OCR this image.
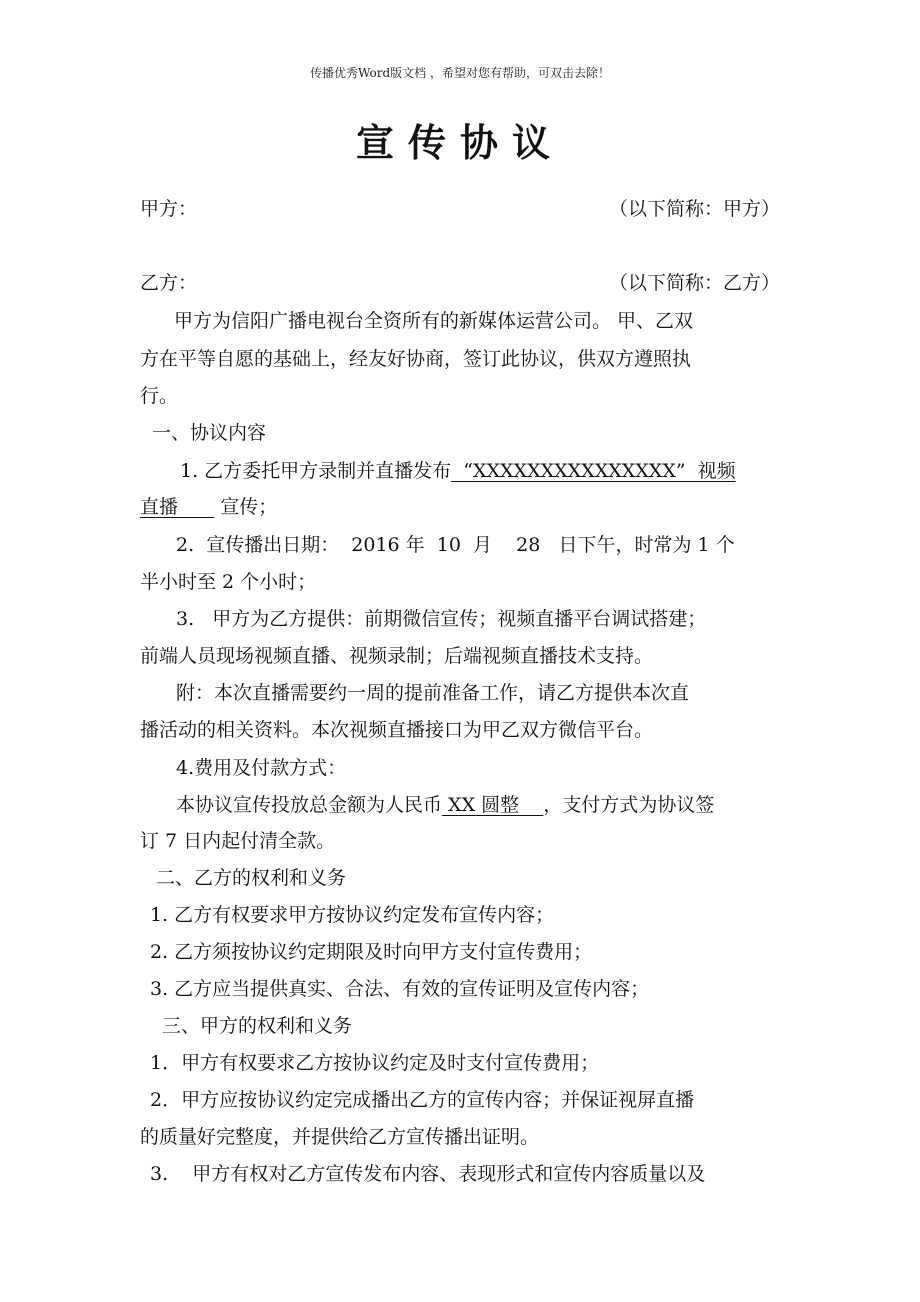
传播优秀Word版文档 ，希望对您有帮助，可双击去除！
宣传协议
甲方：	（以下简称：甲方）
乙方：	（以下简称：乙方）
甲方为信阳广播电视台全资所有的新媒体运营公司。 甲、乙双
方在平等自愿的基础上，经友好协商，签订此协议，供双方遵照执
行。
一、协议内容
1. 乙方委托甲方录制并直播发布  “XXXXXXXXXXXXXXX”  视频
直播       宣传；
2.  宣传播出日期：  2016 年  10  月    28   日下午，时常为 1 个
半小时至 2 个小时；
3.   甲方为乙方提供：前期微信宣传；视频直播平台调试搭建；
前端人员现场视频直播、视频录制；后端视频直播技术支持。
附：本次直播需要约一周的提前准备工作，请乙方提供本次直
播活动的相关资料。本次视频直播接口为甲乙双方微信平台。
4.费用及付款方式：
本协议宣传投放总金额为人民币 XX 圆整    ，支付方式为协议签
订 7 日内起付清全款。
二、乙方的权利和义务
1. 乙方有权要求甲方按协议约定发布宣传内容；
2. 乙方须按协议约定期限及时向甲方支付宣传费用；
3. 乙方应当提供真实、合法、有效的宣传证明及宣传内容；
三、甲方的权利和义务
1．甲方有权要求乙方按协议约定及时支付宣传费用；
2．甲方应按协议约定完成播出乙方的宣传内容；并保证视屏直播
的质量好完整度，并提供给乙方宣传播出证明。
3.    甲方有权对乙方宣传发布内容、表现形式和宣传内容质量以及
